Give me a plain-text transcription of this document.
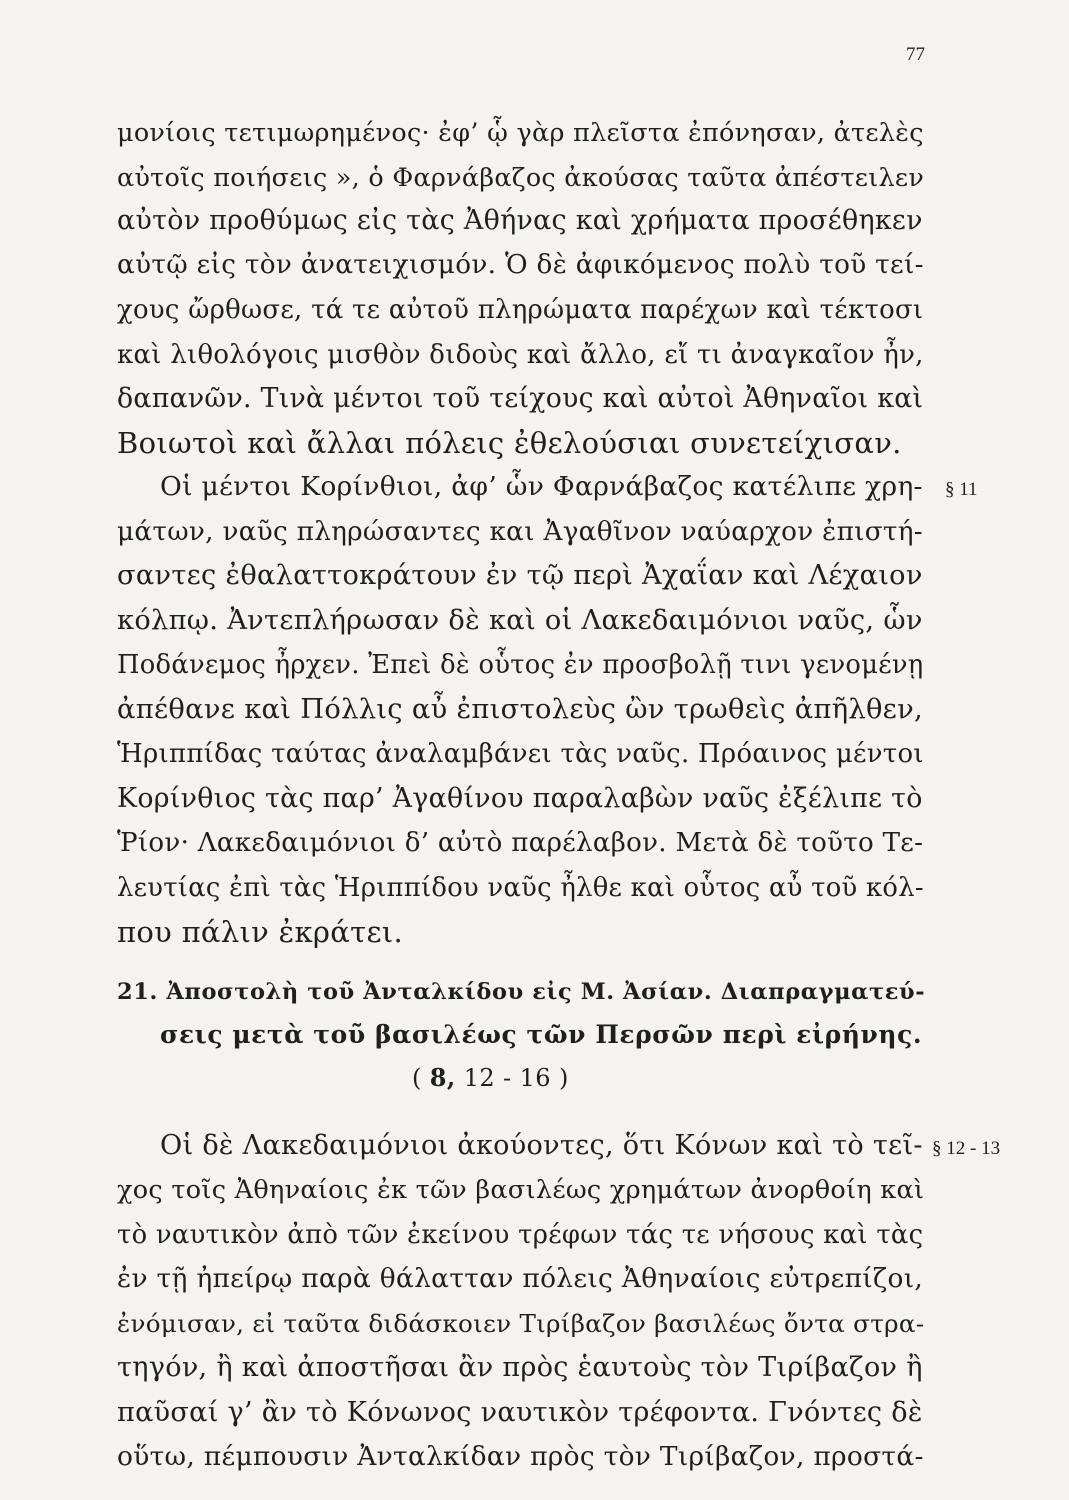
77
μονίοις τετιμωρημένος· ἐφ’ ᾧ γὰρ πλεῖστα ἐπόνησαν, ἀτελὲς
αὐτοῖς ποιήσεις », ὁ Φαρνάβαζος ἀκούσας ταῦτα ἀπέστειλεν
αὐτὸν προθύμως εἰς τὰς Ἀθήνας καὶ χρήματα προσέθηκεν
αὐτῷ εἰς τὸν ἀνατειχισμόν. Ὁ δὲ ἀφικόμενος πολὺ τοῦ τεί-
χους ὤρθωσε, τά τε αὐτοῦ πληρώματα παρέχων καὶ τέκτοσι
καὶ λιθολόγοις μισθὸν διδοὺς καὶ ἄλλο, εἴ τι ἀναγκαῖον ἦν,
δαπανῶν. Τινὰ μέντοι τοῦ τείχους καὶ αὐτοὶ Ἀθηναῖοι καὶ
Βοιωτοὶ καὶ ἄλλαι πόλεις ἐθελούσιαι συνετείχισαν.
Οἱ μέντοι Κορίνθιοι, ἀφ’ ὧν Φαρνάβαζος κατέλιπε χρη-
μάτων, ναῦς πληρώσαντες και Ἀγαθῖνον ναύαρχον ἐπιστή-
σαντες ἐθαλαττοκράτουν ἐν τῷ περὶ Ἀχαΐαν καὶ Λέχαιον
κόλπῳ. Ἀντεπλήρωσαν δὲ καὶ οἱ Λακεδαιμόνιοι ναῦς, ὧν
Ποδάνεμος ἦρχεν. Ἐπεὶ δὲ οὗτος ἐν προσβολῇ τινι γενομένῃ
ἀπέθανε καὶ Πόλλις αὖ ἐπιστολεὺς ὢν τρωθεὶς ἀπῆλθεν,
Ἡριππίδας ταύτας ἀναλαμβάνει τὰς ναῦς. Πρόαινος μέντοι
Κορίνθιος τὰς παρ’ Ἀγαθίνου παραλαβὼν ναῦς ἐξέλιπε τὸ
Ῥίον· Λακεδαιμόνιοι δ’ αὐτὸ παρέλαβον. Μετὰ δὲ τοῦτο Τε-
λευτίας ἐπὶ τὰς Ἡριππίδου ναῦς ἦλθε καὶ οὗτος αὖ τοῦ κόλ-
που πάλιν ἐκράτει.
§ 11
21. Ἀποστολὴ τοῦ Ἀνταλκίδου εἰς Μ. Ἀσίαν. Διαπραγματεύ-
σεις μετὰ τοῦ βασιλέως τῶν Περσῶν περὶ εἰρήνης.
( 8, 12 - 16 )
Οἱ δὲ Λακεδαιμόνιοι ἀκούοντες, ὅτι Κόνων καὶ τὸ τεῖ-
χος τοῖς Ἀθηναίοις ἐκ τῶν βασιλέως χρημάτων ἀνορθοίη καὶ
τὸ ναυτικὸν ἀπὸ τῶν ἐκείνου τρέφων τάς τε νήσους καὶ τὰς
ἐν τῇ ἠπείρῳ παρὰ θάλατταν πόλεις Ἀθηναίοις εὐτρεπίζοι,
ἐνόμισαν, εἰ ταῦτα διδάσκοιεν Τιρίβαζον βασιλέως ὄντα στρα-
τηγόν, ἢ καὶ ἀποστῆσαι ἂν πρὸς ἑαυτοὺς τὸν Τιρίβαζον ἢ
παῦσαί γ’ ἂν τὸ Κόνωνος ναυτικὸν τρέφοντα. Γνόντες δὲ
οὕτω, πέμπουσιν Ἀνταλκίδαν πρὸς τὸν Τιρίβαζον, προστά-
§ 12 - 13
